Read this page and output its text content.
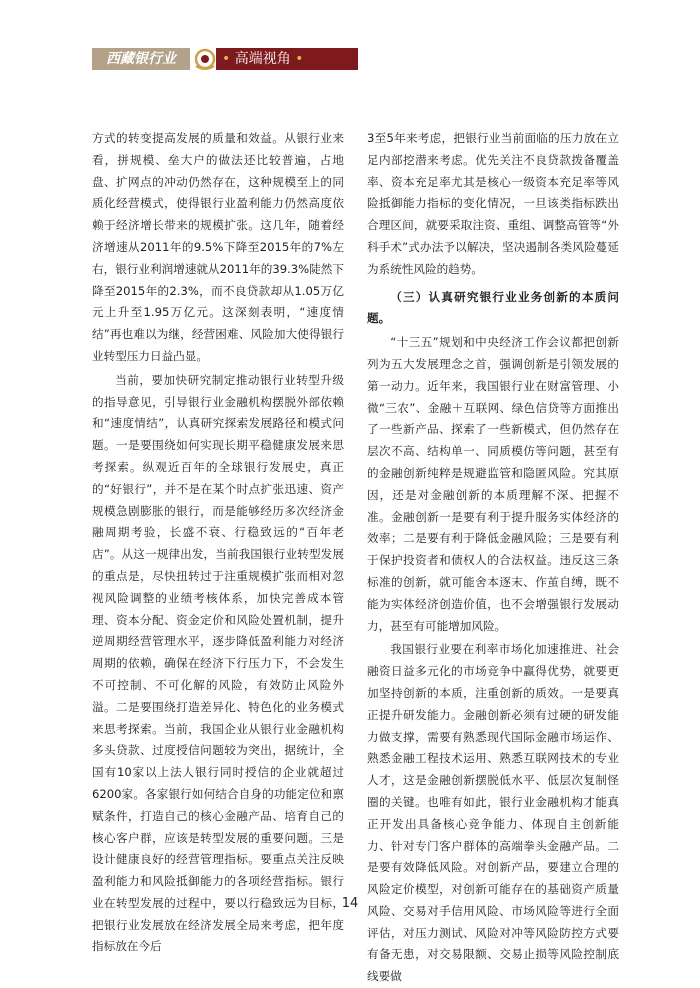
西藏银行业	• 高端视角 •

方式的转变提高发展的质量和效益。从银行业来看，拼规模、垒大户的做法还比较普遍，占地盘、扩网点的冲动仍然存在，这种规模至上的同质化经营模式，使得银行业盈利能力仍然高度依赖于经济增长带来的规模扩张。这几年，随着经济增速从2011年的9.5%下降至2015年的7%左右，银行业利润增速就从2011年的39.3%陡然下降至2015年的2.3%，而不良贷款却从1.05万亿元上升至1.95万亿元。这深刻表明，“速度情结”再也难以为继，经营困难、风险加大使得银行业转型压力日益凸显。

当前，要加快研究制定推动银行业转型升级的指导意见，引导银行业金融机构摆脱外部依赖和“速度情结”，认真研究探索发展路径和模式问题。一是要围绕如何实现长期平稳健康发展来思考探索。纵观近百年的全球银行发展史，真正的“好银行”，并不是在某个时点扩张迅速、资产规模急剧膨胀的银行，而是能够经历多次经济金融周期考验，长盛不衰、行稳致远的“百年老店”。从这一规律出发，当前我国银行业转型发展的重点是，尽快扭转过于注重规模扩张而相对忽视风险调整的业绩考核体系，加快完善成本管理、资本分配、资金定价和风险处置机制，提升逆周期经营管理水平，逐步降低盈利能力对经济周期的依赖，确保在经济下行压力下，不会发生不可控制、不可化解的风险，有效防止风险外溢。二是要围绕打造差异化、特色化的业务模式来思考探索。当前，我国企业从银行业金融机构多头贷款、过度授信问题较为突出，据统计，全国有10家以上法人银行同时授信的企业就超过6200家。各家银行如何结合自身的功能定位和禀赋条件，打造自己的核心金融产品、培育自己的核心客户群，应该是转型发展的重要问题。三是设计健康良好的经营管理指标。要重点关注反映盈利能力和风险抵御能力的各项经营指标。银行业在转型发展的过程中，要以行稳致远为目标，把银行业发展放在经济发展全局来考虑，把年度指标放在今后

3至5年来考虑，把银行业当前面临的压力放在立足内部挖潜来考虑。优先关注不良贷款拨备覆盖率、资本充足率尤其是核心一级资本充足率等风险抵御能力指标的变化情况，一旦该类指标跌出合理区间，就要采取注资、重组、调整高管等“外科手术”式办法予以解决，坚决遏制各类风险蔓延为系统性风险的趋势。

（三）认真研究银行业业务创新的本质问题。

“十三五”规划和中央经济工作会议都把创新列为五大发展理念之首，强调创新是引领发展的第一动力。近年来，我国银行业在财富管理、小微“三农”、金融＋互联网、绿色信贷等方面推出了一些新产品、探索了一些新模式，但仍然存在层次不高、结构单一、同质模仿等问题，甚至有的金融创新纯粹是规避监管和隐匿风险。究其原因，还是对金融创新的本质理解不深、把握不准。金融创新一是要有利于提升服务实体经济的效率；二是要有利于降低金融风险；三是要有利于保护投资者和债权人的合法权益。违反这三条标准的创新，就可能舍本逐末、作茧自缚，既不能为实体经济创造价值，也不会增强银行发展动力，甚至有可能增加风险。

我国银行业要在利率市场化加速推进、社会融资日益多元化的市场竞争中赢得优势，就要更加坚持创新的本质，注重创新的质效。一是要真正提升研发能力。金融创新必须有过硬的研发能力做支撑，需要有熟悉现代国际金融市场运作、熟悉金融工程技术运用、熟悉互联网技术的专业人才，这是金融创新摆脱低水平、低层次复制怪圈的关键。也唯有如此，银行业金融机构才能真正开发出具备核心竞争能力、体现自主创新能力、针对专门客户群体的高端拳头金融产品。二是要有效降低风险。对创新产品，要建立合理的风险定价模型，对创新可能存在的基础资产质量风险、交易对手信用风险、市场风险等进行全面评估，对压力测试、风险对冲等风险防控方式要有备无患，对交易限额、交易止损等风险控制底线要做

14
